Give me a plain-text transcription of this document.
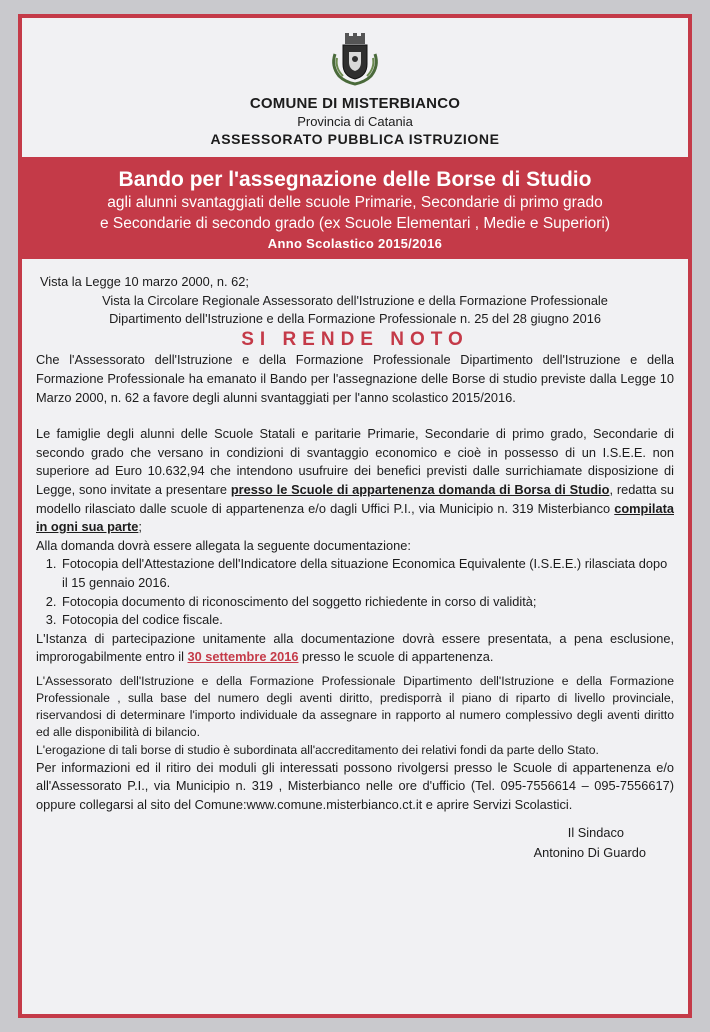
COMUNE DI MISTERBIANCO
Provincia di Catania
ASSESSORATO PUBBLICA ISTRUZIONE
Bando per l'assegnazione delle Borse di Studio
agli alunni svantaggiati delle scuole Primarie, Secondarie di primo grado
e Secondarie di secondo grado (ex Scuole Elementari , Medie e Superiori)
Anno Scolastico 2015/2016

Vista la Legge 10 marzo 2000, n. 62;

Vista la Circolare Regionale Assessorato dell'Istruzione e della Formazione Professionale

Dipartimento dell'Istruzione e della Formazione Professionale n. 25 del 28 giugno 2016

SI RENDE NOTO

Che l'Assessorato dell'Istruzione e della Formazione Professionale Dipartimento dell'Istruzione e della Formazione Professionale ha emanato il Bando per l'assegnazione delle Borse di studio previste dalla Legge 10 Marzo 2000, n. 62 a favore degli alunni svantaggiati per l'anno scolastico 2015/2016.

Le famiglie degli alunni delle Scuole Statali e paritarie Primarie, Secondarie di primo grado, Secondarie di secondo grado che versano in condizioni di svantaggio economico e cioè in possesso di un I.S.E.E. non superiore ad Euro 10.632,94 che intendono usufruire dei benefici previsti dalle surrichiamate disposizione di Legge, sono invitate a presentare presso le Scuole di appartenenza domanda di Borsa di Studio, redatta su modello rilasciato dalle scuole di appartenenza e/o dagli Uffici P.I., via Municipio n. 319 Misterbianco compilata in ogni sua parte;

Alla domanda dovrà essere allegata la seguente documentazione:

1. Fotocopia dell'Attestazione dell'Indicatore della situazione Economica Equivalente (I.S.E.E.) rilasciata dopo il 15 gennaio 2016.
2. Fotocopia documento di riconoscimento del soggetto richiedente in corso di validità;
3. Fotocopia del codice fiscale.

L'Istanza di partecipazione unitamente alla documentazione dovrà essere presentata, a pena esclusione, improrogabilmente entro il 30 settembre 2016 presso le scuole di appartenenza.

L'Assessorato dell'Istruzione e della Formazione Professionale Dipartimento dell'Istruzione e della Formazione Professionale , sulla base del numero degli aventi diritto, predisporrà il piano di riparto di livello provinciale, riservandosi di determinare l'importo individuale da assegnare in rapporto al numero complessivo degli aventi diritto ed alle disponibilità di bilancio.

L'erogazione di tali borse di studio è subordinata all'accreditamento dei relativi fondi da parte dello Stato.

Per informazioni ed il ritiro dei moduli gli interessati possono rivolgersi presso le Scuole di appartenenza e/o all'Assessorato P.I., via Municipio n. 319 , Misterbianco nelle ore d'ufficio (Tel. 095-7556614 – 095-7556617) oppure collegarsi al sito del Comune:www.comune.misterbianco.ct.it e aprire Servizi Scolastici.

Il Sindaco
Antonino Di Guardo
